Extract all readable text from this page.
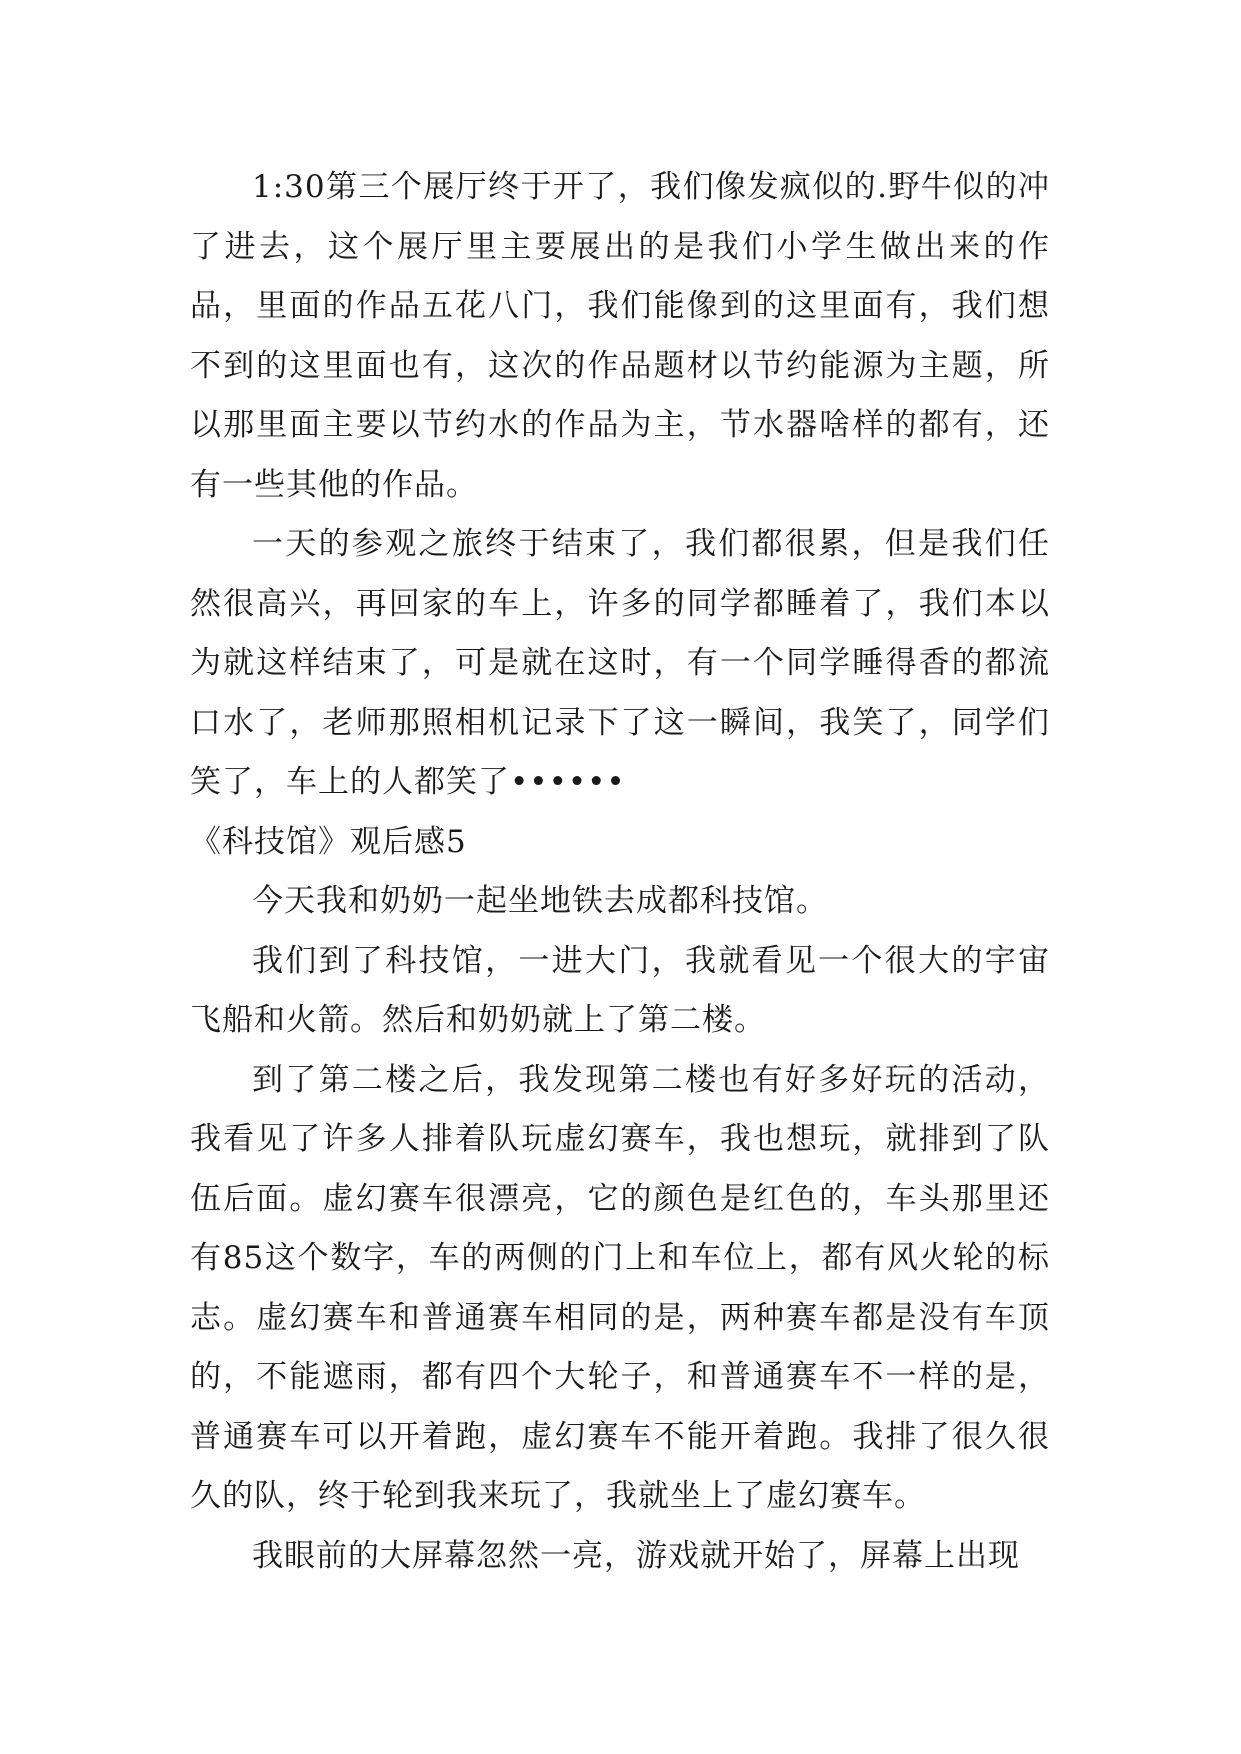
1:30第三个展厅终于开了，我们像发疯似的.野牛似的冲了进去，这个展厅里主要展出的是我们小学生做出来的作品，里面的作品五花八门，我们能像到的这里面有，我们想不到的这里面也有，这次的作品题材以节约能源为主题，所以那里面主要以节约水的作品为主，节水器啥样的都有，还有一些其他的作品。

一天的参观之旅终于结束了，我们都很累，但是我们任然很高兴，再回家的车上，许多的同学都睡着了，我们本以为就这样结束了，可是就在这时，有一个同学睡得香的都流口水了，老师那照相机记录下了这一瞬间，我笑了，同学们笑了，车上的人都笑了••••••

《科技馆》观后感5

今天我和奶奶一起坐地铁去成都科技馆。

我们到了科技馆，一进大门，我就看见一个很大的宇宙飞船和火箭。然后和奶奶就上了第二楼。

到了第二楼之后，我发现第二楼也有好多好玩的活动，我看见了许多人排着队玩虚幻赛车，我也想玩，就排到了队伍后面。虚幻赛车很漂亮，它的颜色是红色的，车头那里还有85这个数字，车的两侧的门上和车位上，都有风火轮的标志。虚幻赛车和普通赛车相同的是，两种赛车都是没有车顶的，不能遮雨，都有四个大轮子，和普通赛车不一样的是，普通赛车可以开着跑，虚幻赛车不能开着跑。我排了很久很久的队，终于轮到我来玩了，我就坐上了虚幻赛车。

我眼前的大屏幕忽然一亮，游戏就开始了，屏幕上出现
